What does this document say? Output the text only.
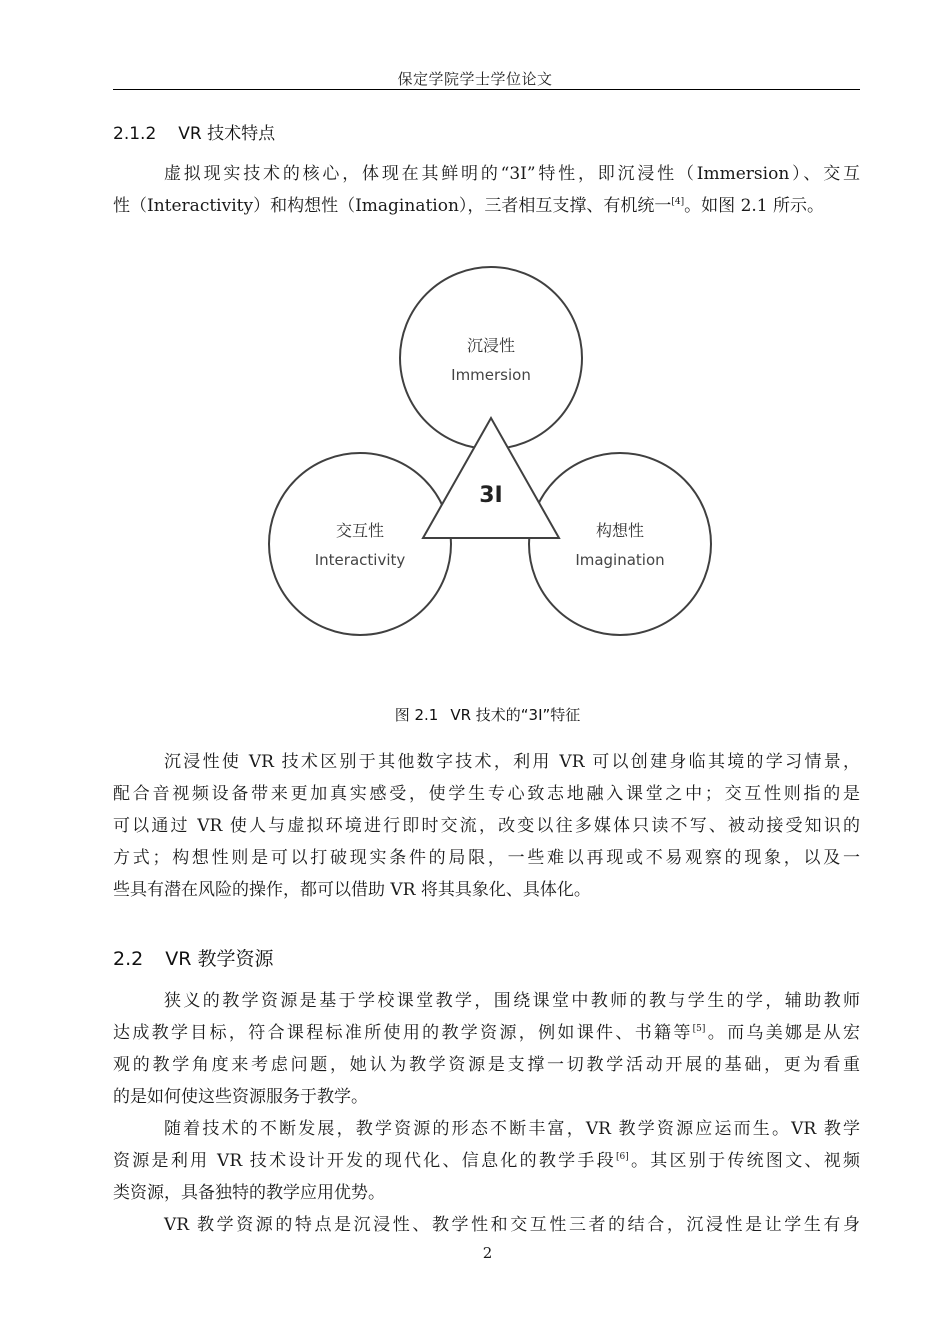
保定学院学士学位论文
2.1.2 VR 技术特点
虚拟现实技术的核心，体现在其鲜明的“3I”特性，即沉浸性（Immersion）、交互
性（Interactivity）和构想性（Imagination），三者相互支撑、有机统一[4]。如图 2.1 所示。
3I
沉浸性
Immersion
交互性
Interactivity
构想性
Imagination
图 2.1 VR 技术的“3I”特征
沉浸性使 VR 技术区别于其他数字技术，利用 VR 可以创建身临其境的学习情景，
配合音视频设备带来更加真实感受，使学生专心致志地融入课堂之中；交互性则指的是
可以通过 VR 使人与虚拟环境进行即时交流，改变以往多媒体只读不写、被动接受知识的
方式；构想性则是可以打破现实条件的局限，一些难以再现或不易观察的现象，以及一
些具有潜在风险的操作，都可以借助 VR 将其具象化、具体化。
2.2 VR 教学资源
狭义的教学资源是基于学校课堂教学，围绕课堂中教师的教与学生的学，辅助教师
达成教学目标，符合课程标准所使用的教学资源，例如课件、书籍等[5]。而乌美娜是从宏
观的教学角度来考虑问题，她认为教学资源是支撑一切教学活动开展的基础，更为看重
的是如何使这些资源服务于教学。
随着技术的不断发展，教学资源的形态不断丰富，VR 教学资源应运而生。VR 教学
资源是利用 VR 技术设计开发的现代化、信息化的教学手段[6]。其区别于传统图文、视频
类资源，具备独特的教学应用优势。
VR 教学资源的特点是沉浸性、教学性和交互性三者的结合，沉浸性是让学生有身
2
